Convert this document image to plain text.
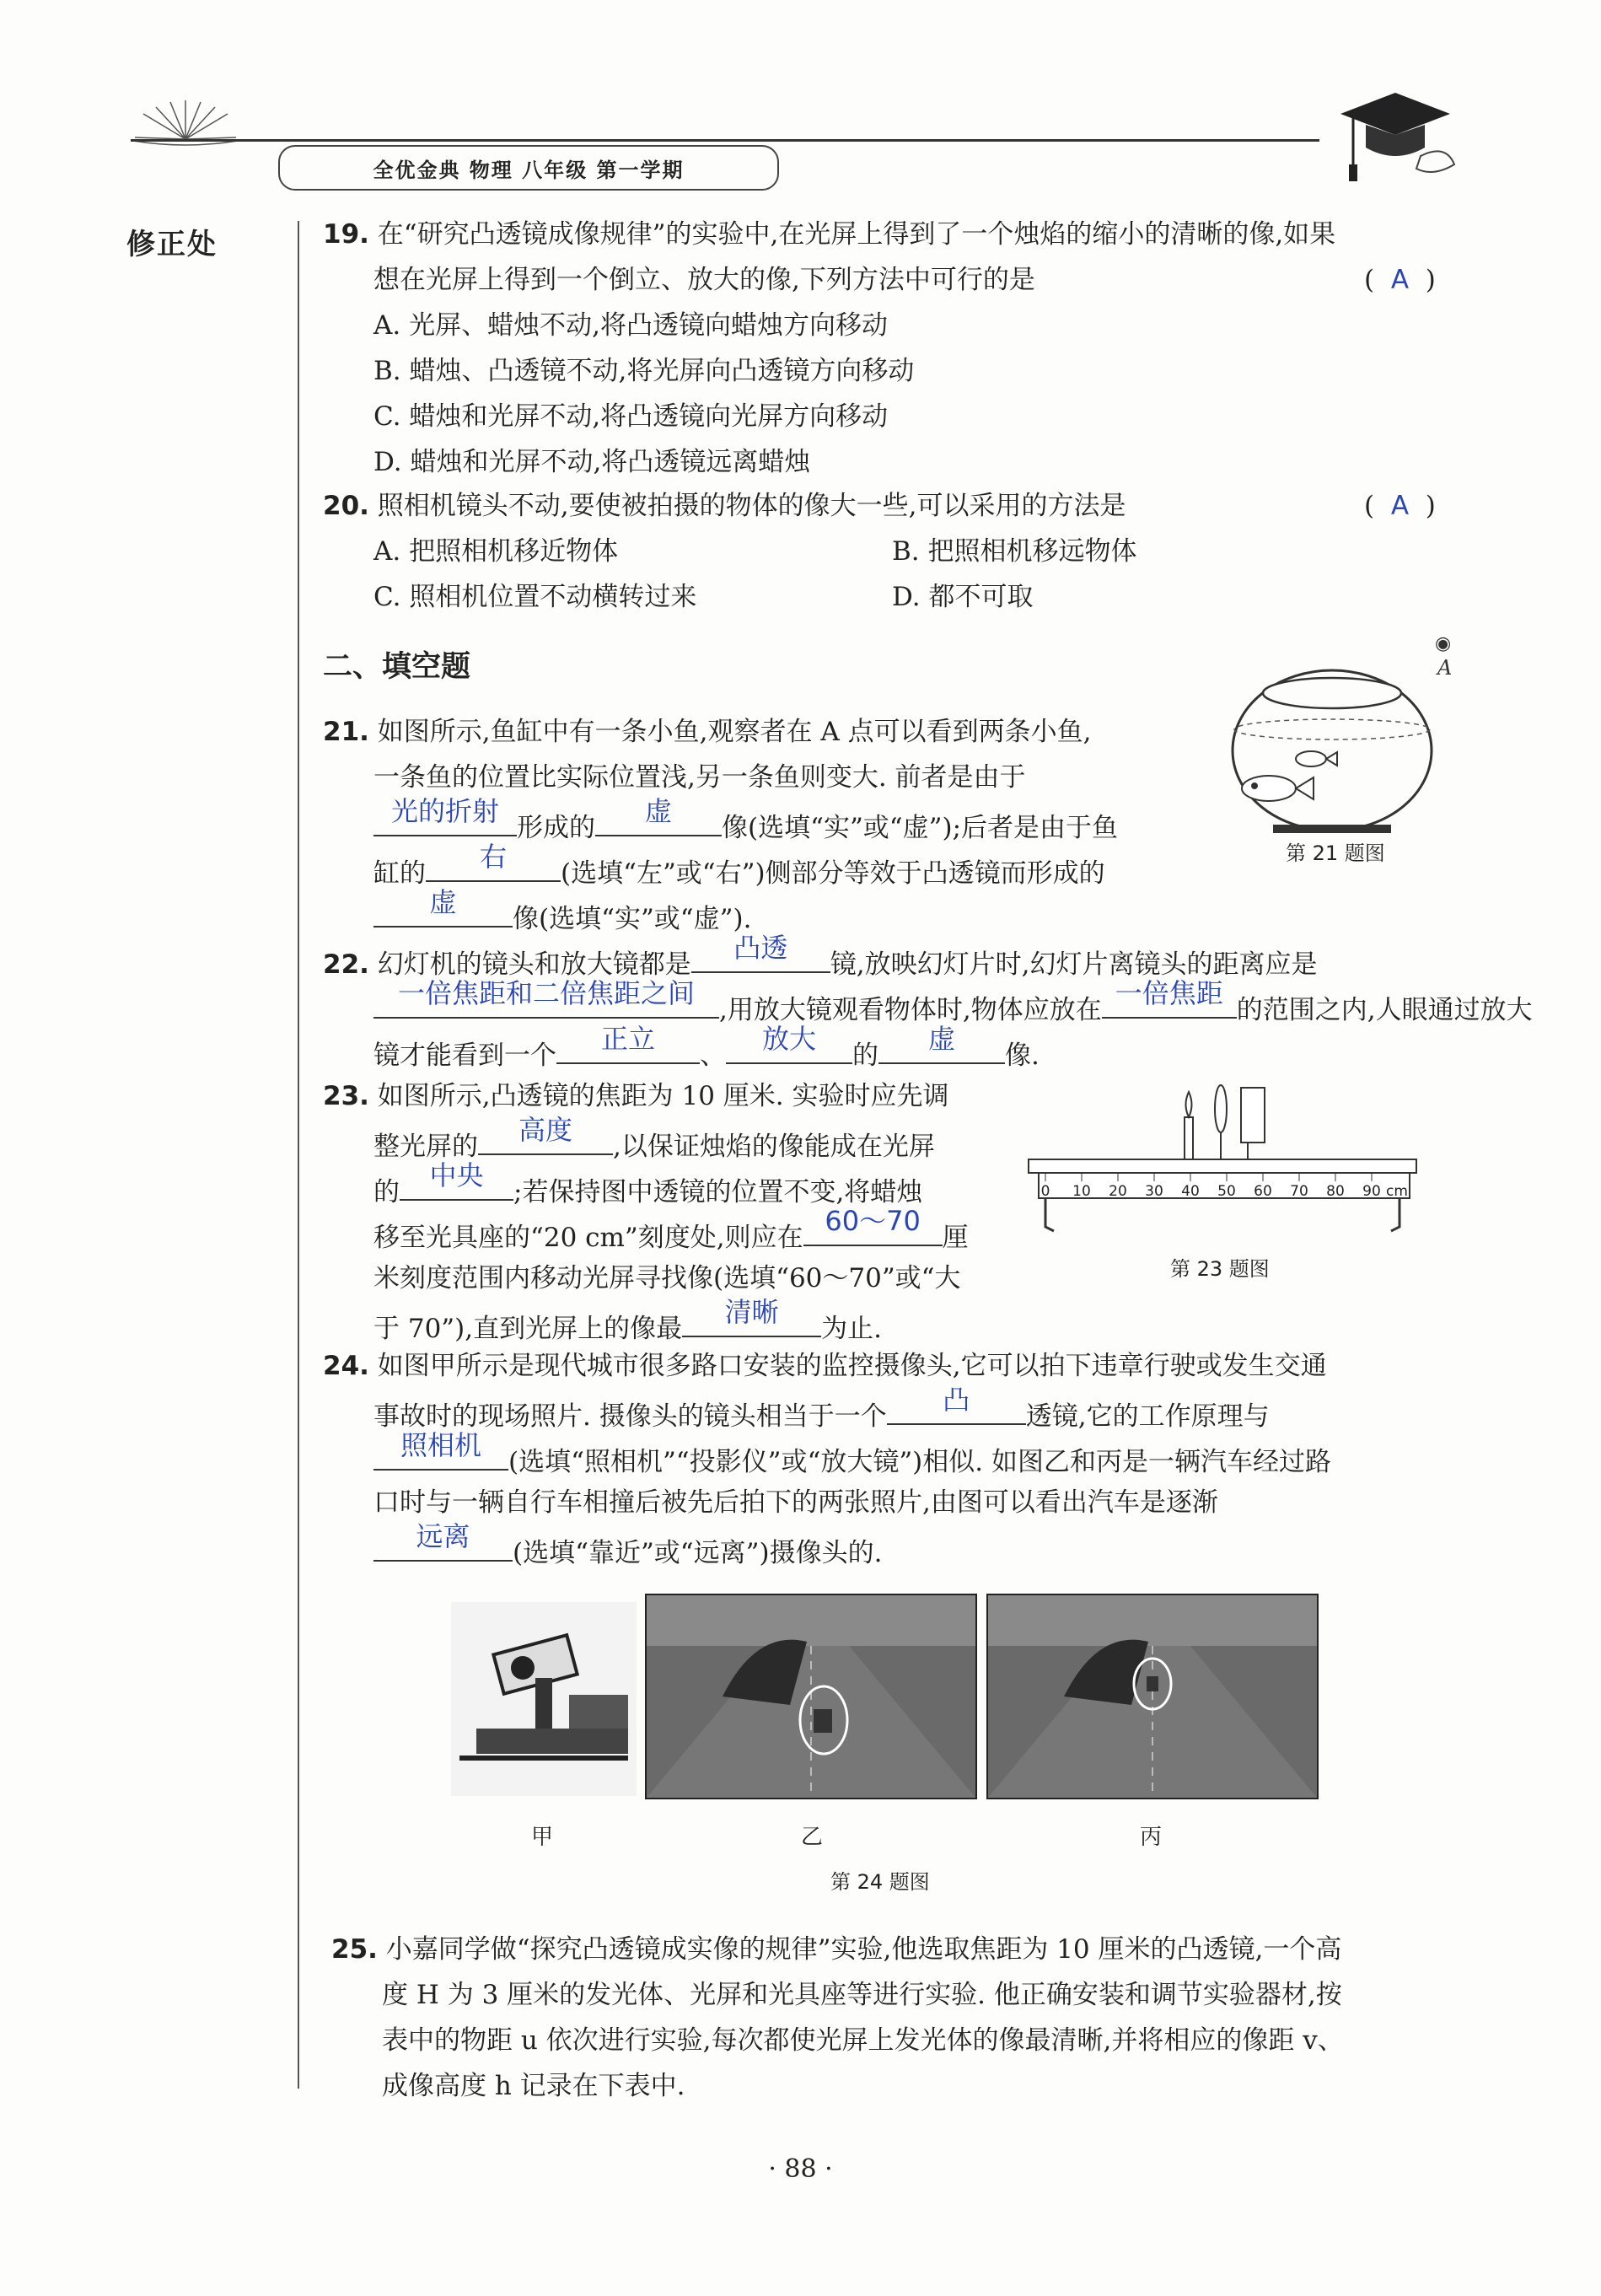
全优金典 物理 八年级 第一学期
修正处	19. 在“研究凸透镜成像规律”的实验中,在光屏上得到了一个烛焰的缩小的清晰的像,如果
想在光屏上得到一个倒立、放大的像,下列方法中可行的是	(  A  )
A. 光屏、蜡烛不动,将凸透镜向蜡烛方向移动
B. 蜡烛、凸透镜不动,将光屏向凸透镜方向移动
C. 蜡烛和光屏不动,将凸透镜向光屏方向移动
D. 蜡烛和光屏不动,将凸透镜远离蜡烛
20. 照相机镜头不动,要使被拍摄的物体的像大一些,可以采用的方法是	(  A  )
A. 把照相机移近物体	B. 把照相机移远物体
C. 照相机位置不动横转过来	D. 都不可取
二、填空题
21. 如图所示,鱼缸中有一条小鱼,观察者在 A 点可以看到两条小鱼,
一条鱼的位置比实际位置浅,另一条鱼则变大. 前者是由于
光的折射
形成的
虚
像(选填“实”或“虚”);后者是由于鱼
缸的
右
(选填“左”或“右”)侧部分等效于凸透镜而形成的
虚
像(选填“实”或“虚”).
◉
A
第 21 题图
22. 幻灯机的镜头和放大镜都是
凸透
镜,放映幻灯片时,幻灯片离镜头的距离应是
一倍焦距和二倍焦距之间
,用放大镜观看物体时,物体应放在
一倍焦距
的范围之内,人眼通过放大
镜才能看到一个
正立
、
放大
的
虚
像.
23. 如图所示,凸透镜的焦距为 10 厘米. 实验时应先调
整光屏的
高度
,以保证烛焰的像能成在光屏
的
中央
;若保持图中透镜的位置不变,将蜡烛
移至光具座的“20 cm”刻度处,则应在
60～70
厘
米刻度范围内移动光屏寻找像(选填“60～70”或“大
于 70”),直到光屏上的像最
清晰
为止.
0 10 20 30 40 50 60 70 80 90 cm
第 23 题图
24. 如图甲所示是现代城市很多路口安装的监控摄像头,它可以拍下违章行驶或发生交通
事故时的现场照片. 摄像头的镜头相当于一个
凸
透镜,它的工作原理与
照相机
(选填“照相机”“投影仪”或“放大镜”)相似. 如图乙和丙是一辆汽车经过路
口时与一辆自行车相撞后被先后拍下的两张照片,由图可以看出汽车是逐渐
远离
(选填“靠近”或“远离”)摄像头的.
甲	乙	丙
第 24 题图
25. 小嘉同学做“探究凸透镜成实像的规律”实验,他选取焦距为 10 厘米的凸透镜,一个高
度 H 为 3 厘米的发光体、光屏和光具座等进行实验. 他正确安装和调节实验器材,按
表中的物距 u 依次进行实验,每次都使光屏上发光体的像最清晰,并将相应的像距 v、
成像高度 h 记录在下表中.
· 88 ·
